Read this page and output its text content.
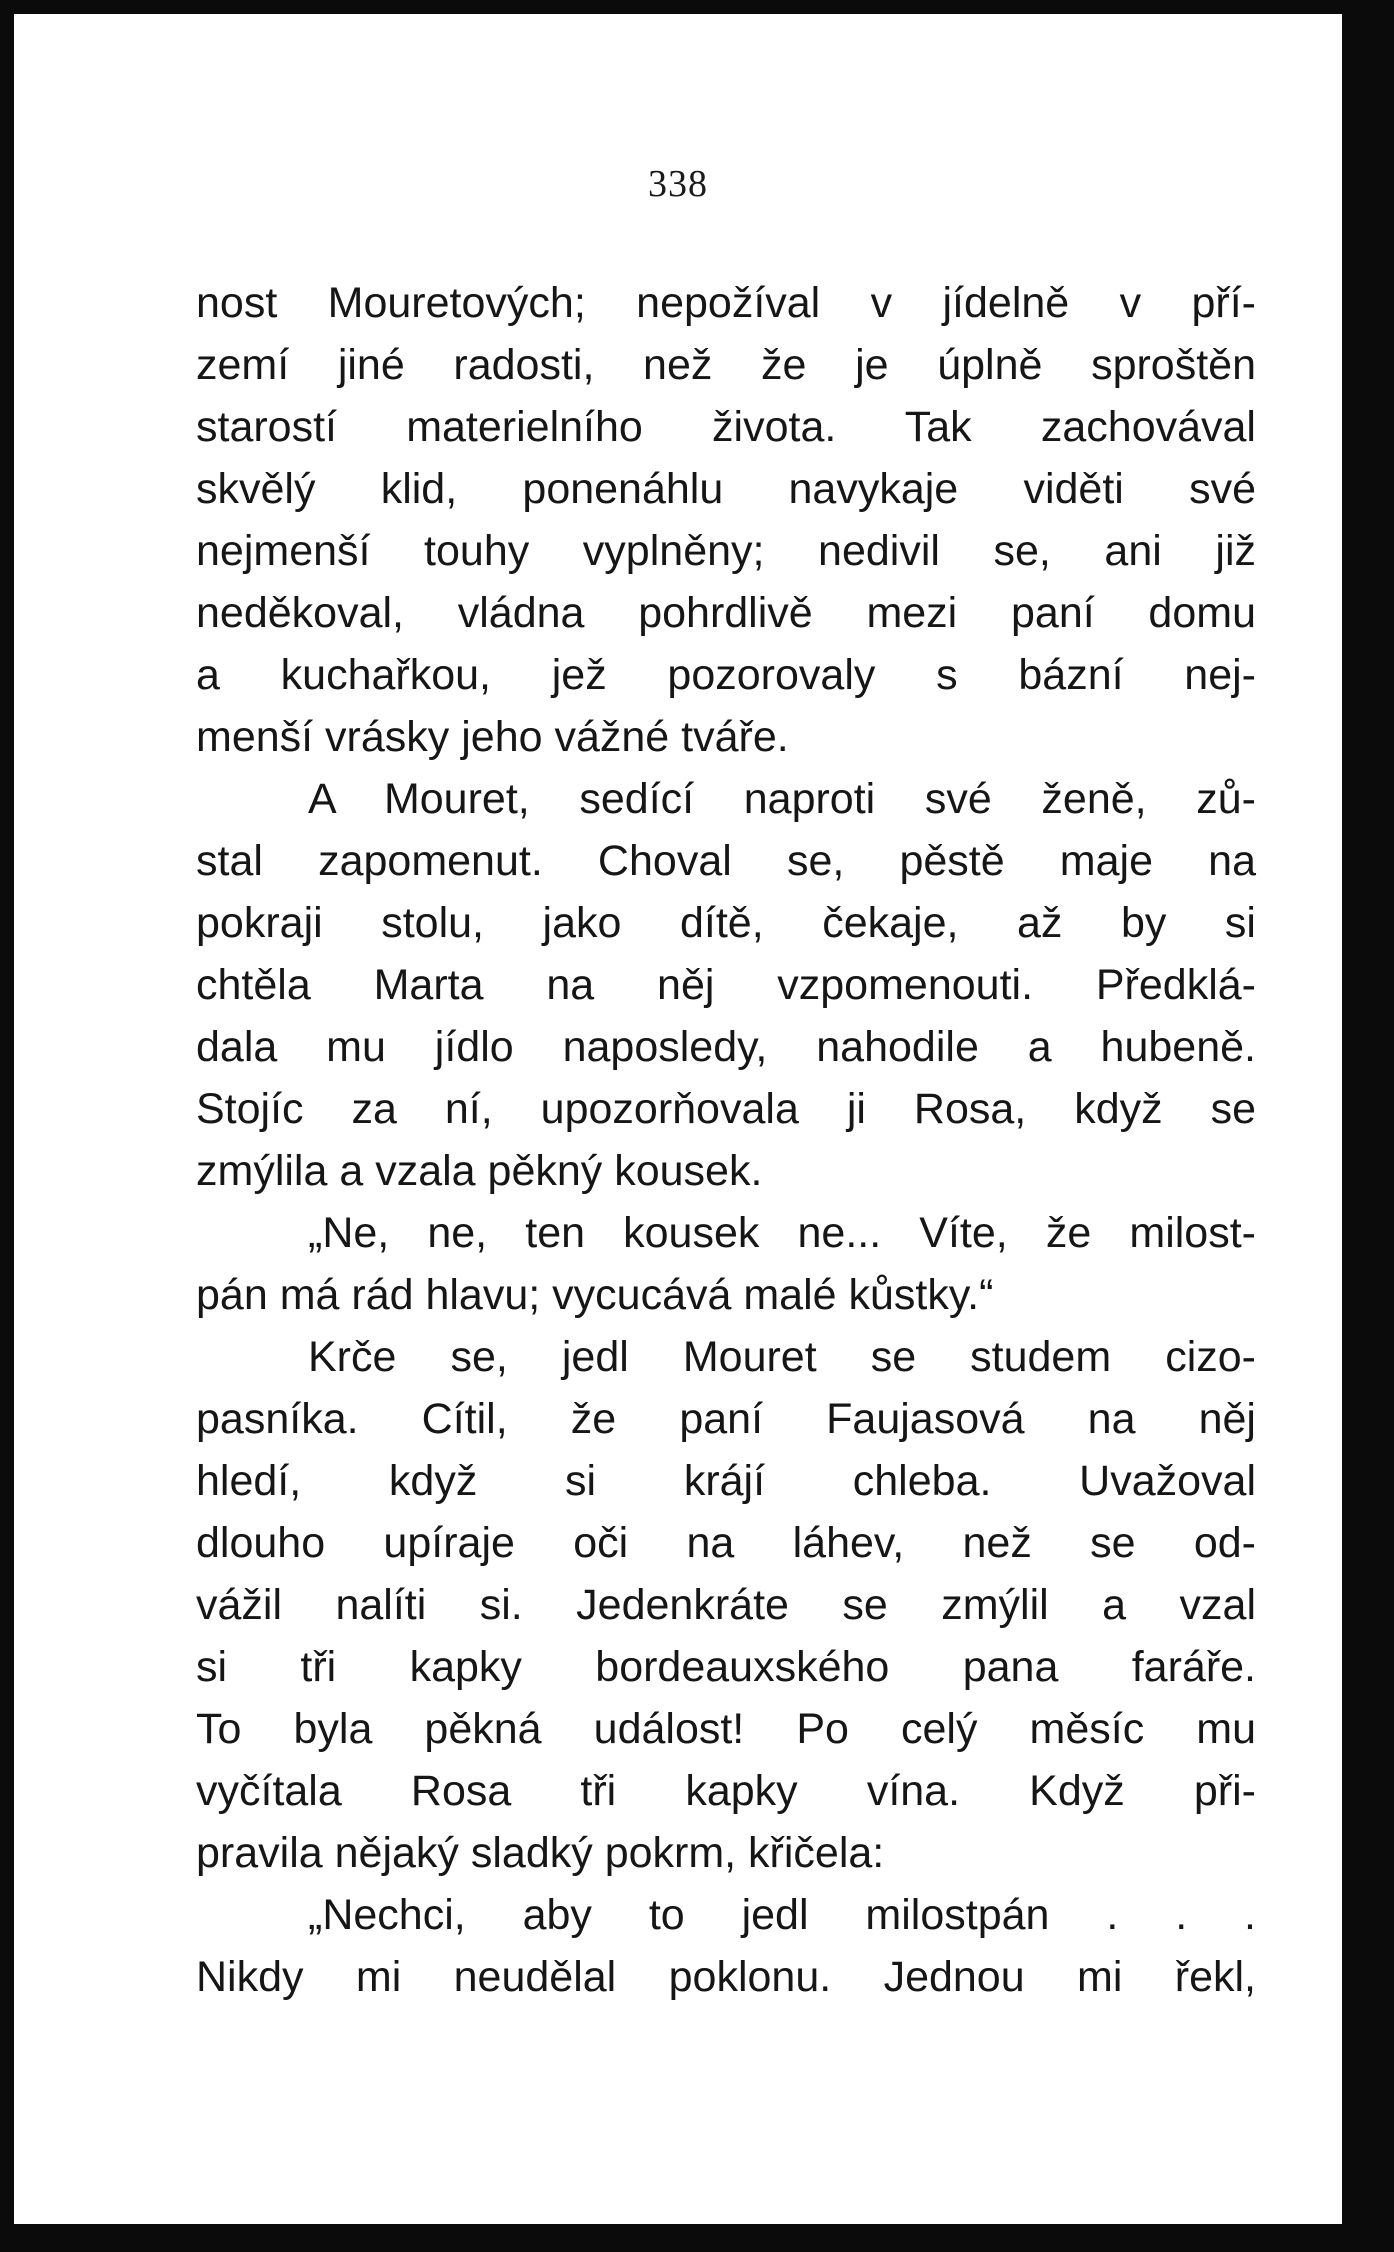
338
nost Mouretových; nepožíval v jídelně v pří-
zemí jiné radosti, než že je úplně sproštěn
starostí materielního života. Tak zachovával
skvělý klid, ponenáhlu navykaje viděti své
nejmenší touhy vyplněny; nedivil se, ani již
neděkoval, vládna pohrdlivě mezi paní domu
a kuchařkou, jež pozorovaly s bázní nej-
menší vrásky jeho vážné tváře.
A Mouret, sedící naproti své ženě, zů-
stal zapomenut. Choval se, pěstě maje na
pokraji stolu, jako dítě, čekaje, až by si
chtěla Marta na něj vzpomenouti. Předklá-
dala mu jídlo naposledy, nahodile a hubeně.
Stojíc za ní, upozorňovala ji Rosa, když se
zmýlila a vzala pěkný kousek.
„Ne, ne, ten kousek ne... Víte, že milost-
pán má rád hlavu; vycucává malé kůstky.“
Krče se, jedl Mouret se studem cizo-
pasníka. Cítil, že paní Faujasová na něj
hledí, když si krájí chleba. Uvažoval
dlouho upíraje oči na láhev, než se od-
vážil nalíti si. Jedenkráte se zmýlil a vzal
si tři kapky bordeauxského pana faráře.
To byla pěkná událost! Po celý měsíc mu
vyčítala Rosa tři kapky vína. Když při-
pravila nějaký sladký pokrm, křičela:
„Nechci, aby to jedl milostpán . . .
Nikdy mi neudělal poklonu. Jednou mi řekl,
